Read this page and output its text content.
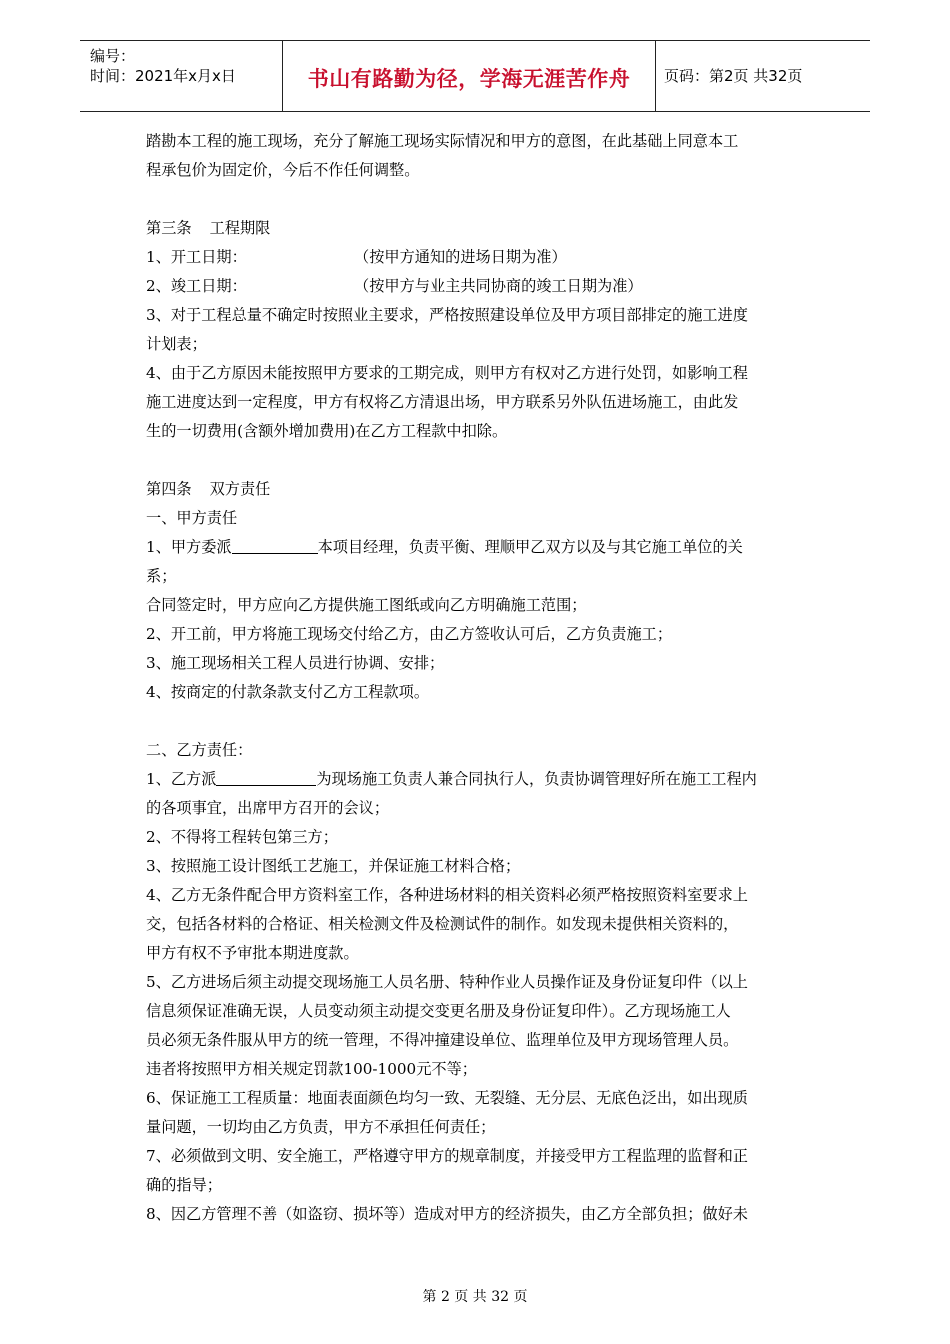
编号：
时间：2021年x月x日	书山有路勤为径，学海无涯苦作舟	页码：第2页 共32页
踏勘本工程的施工现场，充分了解施工现场实际情况和甲方的意图，在此基础上同意本工
程承包价为固定价，今后不作任何调整。
第三条 工程期限
1、开工日期：	（按甲方通知的进场日期为准）
2、竣工日期：	（按甲方与业主共同协商的竣工日期为准）
3、对于工程总量不确定时按照业主要求，严格按照建设单位及甲方项目部排定的施工进度
计划表；
4、由于乙方原因未能按照甲方要求的工期完成，则甲方有权对乙方进行处罚，如影响工程
施工进度达到一定程度，甲方有权将乙方清退出场，甲方联系另外队伍进场施工，由此发
生的一切费用(含额外增加费用)在乙方工程款中扣除。
第四条 双方责任
一、甲方责任
1、甲方委派	本项目经理，负责平衡、理顺甲乙双方以及与其它施工单位的关
系；
合同签定时，甲方应向乙方提供施工图纸或向乙方明确施工范围；
2、开工前，甲方将施工现场交付给乙方，由乙方签收认可后，乙方负责施工；
3、施工现场相关工程人员进行协调、安排；
4、按商定的付款条款支付乙方工程款项。
二、乙方责任：
1、乙方派	为现场施工负责人兼合同执行人，负责协调管理好所在施工工程内
的各项事宜，出席甲方召开的会议；
2、不得将工程转包第三方；
3、按照施工设计图纸工艺施工，并保证施工材料合格；
4、乙方无条件配合甲方资料室工作，各种进场材料的相关资料必须严格按照资料室要求上
交，包括各材料的合格证、相关检测文件及检测试件的制作。如发现未提供相关资料的，
甲方有权不予审批本期进度款。
5、乙方进场后须主动提交现场施工人员名册、特种作业人员操作证及身份证复印件（以上
信息须保证准确无误，人员变动须主动提交变更名册及身份证复印件）。乙方现场施工人
员必须无条件服从甲方的统一管理，不得冲撞建设单位、监理单位及甲方现场管理人员。
违者将按照甲方相关规定罚款100-1000元不等；
6、保证施工工程质量：地面表面颜色均匀一致、无裂缝、无分层、无底色泛出，如出现质
量问题，一切均由乙方负责，甲方不承担任何责任；
7、必须做到文明、安全施工，严格遵守甲方的规章制度，并接受甲方工程监理的监督和正
确的指导；
8、因乙方管理不善（如盗窃、损坏等）造成对甲方的经济损失，由乙方全部负担；做好未
第 2 页 共 32 页
